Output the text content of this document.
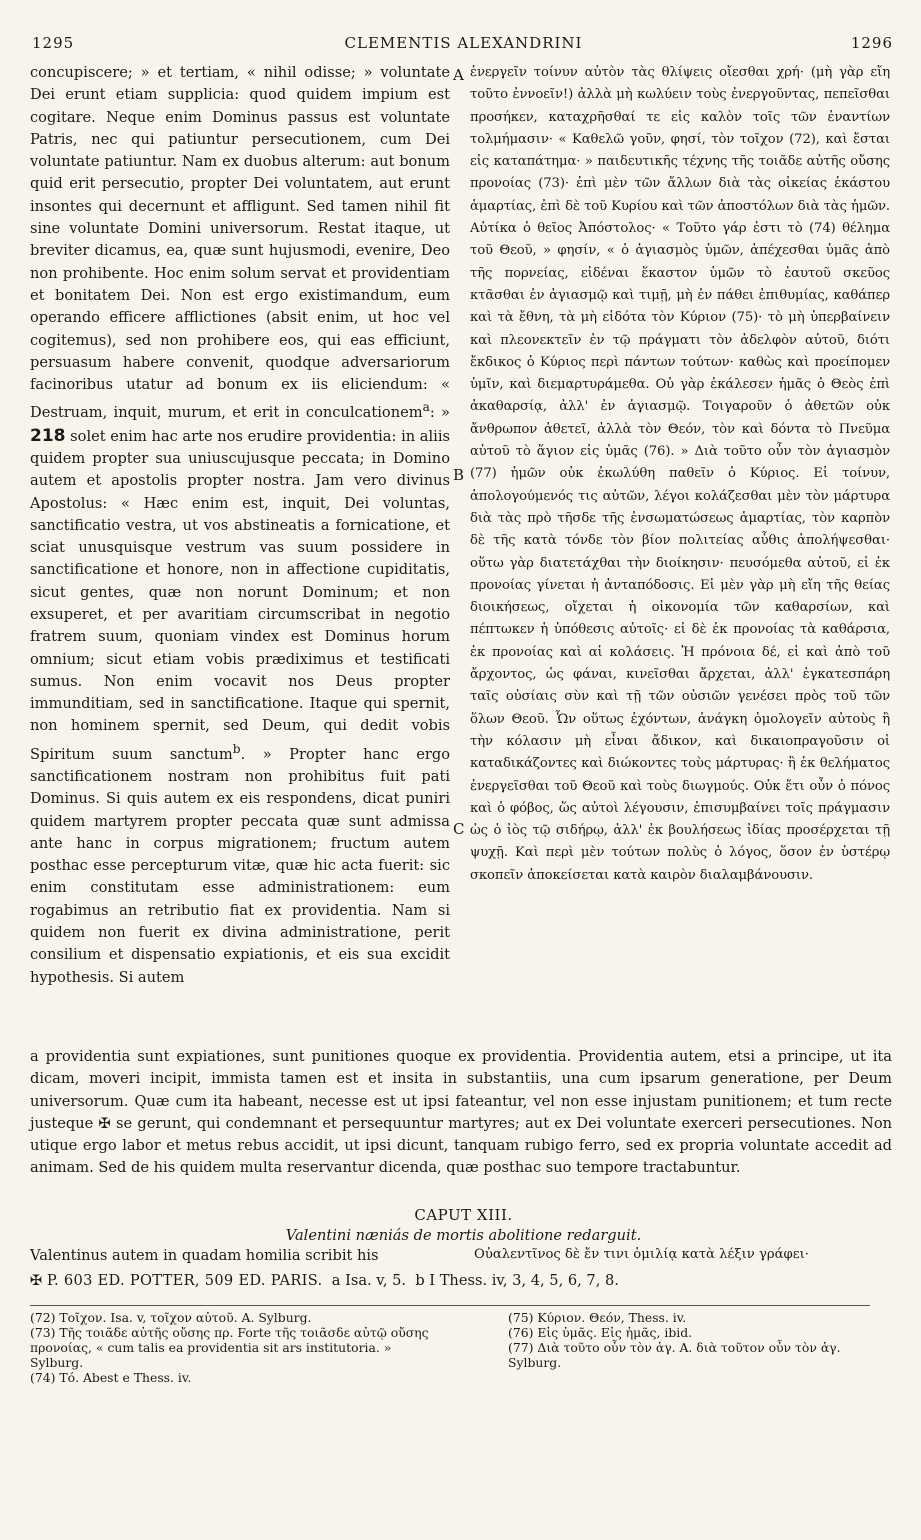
1295	CLEMENTIS ALEXANDRINI	1296

concupiscere; » et tertiam, « nihil odisse; » voluntate Dei erunt etiam supplicia: quod quidem impium est cogitare. Neque enim Dominus passus est voluntate Patris, nec qui patiuntur persecutionem, cum Dei voluntate patiuntur. Nam ex duobus alterum: aut bonum quid erit persecutio, propter Dei voluntatem, aut erunt insontes qui decernunt et affligunt. Sed tamen nihil fit sine voluntate Domini universorum. Restat itaque, ut breviter dicamus, ea, quæ sunt hujusmodi, evenire, Deo non prohibente. Hoc enim solum servat et providentiam et bonitatem Dei. Non est ergo existimandum, eum operando efficere afflictiones (absit enim, ut hoc vel cogitemus), sed non prohibere eos, qui eas efficiunt, persuasum habere convenit, quodque adversariorum facinoribus utatur ad bonum ex iis eliciendum: « Destruam, inquit, murum, et erit in conculcationem$^a$: » 218 solet enim hac arte nos erudire providentia: in aliis quidem propter sua uniuscujusque peccata; in Domino autem et apostolis propter nostra. Jam vero divinus Apostolus: « Hæc enim est, inquit, Dei voluntas, sanctificatio vestra, ut vos abstineatis a fornicatione, et sciat unusquisque vestrum vas suum possidere in sanctificatione et honore, non in affectione cupiditatis, sicut gentes, quæ non norunt Dominum; et non exsuperet, et per avaritiam circumscribat in negotio fratrem suum, quoniam vindex est Dominus horum omnium; sicut etiam vobis prædiximus et testificati sumus. Non enim vocavit nos Deus propter immunditiam, sed in sanctificatione. Itaque qui spernit, non hominem spernit, sed Deum, qui dedit vobis Spiritum suum sanctum$^b$. » Propter hanc ergo sanctificationem nostram non prohibitus fuit pati Dominus. Si quis autem ex eis respondens, dicat puniri quidem martyrem propter peccata quæ sunt admissa ante hanc in corpus migrationem; fructum autem posthac esse percepturum vitæ, quæ hic acta fuerit: sic enim constitutam esse administrationem: eum rogabimus an retributio fiat ex providentia. Nam si quidem non fuerit ex divina administratione, perit consilium et dispensatio expiationis, et eis sua excidit hypothesis. Si autem

A
B
C

ἐνεργεῖν τοίνυν αὐτὸν τὰς θλίψεις οἴεσθαι χρή· (μὴ γὰρ εἴη τοῦτο ἐννοεῖν!) ἀλλὰ μὴ κωλύειν τοὺς ἐνεργοῦντας, πεπεῖσθαι προσήκεν, καταχρῆσθαί τε εἰς καλὸν τοῖς τῶν ἐναντίων τολμήμασιν· « Καθελῶ γοῦν, φησί, τὸν τοῖχον (72), καὶ ἔσται εἰς καταπάτημα· » παιδευτικῆς τέχνης τῆς τοιᾶδε αὐτῆς οὔσης προνοίας (73)· ἐπὶ μὲν τῶν ἄλλων διὰ τὰς οἰκείας ἑκάστου ἁμαρτίας, ἐπὶ δὲ τοῦ Κυρίου καὶ τῶν ἀποστόλων διὰ τὰς ἡμῶν. Αὐτίκα ὁ θεῖος Ἀπόστολος· « Τοῦτο γάρ ἐστι τὸ (74) θέλημα τοῦ Θεοῦ, » φησίν, « ὁ ἁγιασμὸς ὑμῶν, ἀπέχεσθαι ὑμᾶς ἀπὸ τῆς πορνείας, εἰδέναι ἕκαστον ὑμῶν τὸ ἑαυτοῦ σκεῦος κτᾶσθαι ἐν ἁγιασμῷ καὶ τιμῇ, μὴ ἐν πάθει ἐπιθυμίας, καθάπερ καὶ τὰ ἔθνη, τὰ μὴ εἰδότα τὸν Κύριον (75)· τὸ μὴ ὑπερβαίνειν καὶ πλεονεκτεῖν ἐν τῷ πράγματι τὸν ἀδελφὸν αὐτοῦ, διότι ἔκδικος ὁ Κύριος περὶ πάντων τούτων· καθὼς καὶ προείπομεν ὑμῖν, καὶ διεμαρτυράμεθα. Οὐ γὰρ ἐκάλεσεν ἡμᾶς ὁ Θεὸς ἐπὶ ἀκαθαρσίᾳ, ἀλλ' ἐν ἁγιασμῷ. Τοιγαροῦν ὁ ἀθετῶν οὐκ ἄνθρωπον ἀθετεῖ, ἀλλὰ τὸν Θεόν, τὸν καὶ δόντα τὸ Πνεῦμα αὐτοῦ τὸ ἅγιον εἰς ὑμᾶς (76). » Διὰ τοῦτο οὖν τὸν ἁγιασμὸν (77) ἡμῶν οὐκ ἐκωλύθη παθεῖν ὁ Κύριος. Εἰ τοίνυν, ἀπολογούμενός τις αὐτῶν, λέγοι κολάζεσθαι μὲν τὸν μάρτυρα διὰ τὰς πρὸ τῆσδε τῆς ἐνσωματώσεως ἁμαρτίας, τὸν καρπὸν δὲ τῆς κατὰ τόνδε τὸν βίον πολιτείας αὖθις ἀπολήψεσθαι· οὕτω γὰρ διατετάχθαι τὴν διοίκησιν· πευσόμεθα αὐτοῦ, εἰ ἐκ προνοίας γίνεται ἡ ἀνταπόδοσις. Εἰ μὲν γὰρ μὴ εἴη τῆς θείας διοικήσεως, οἴχεται ἡ οἰκονομία τῶν καθαρσίων, καὶ πέπτωκεν ἡ ὑπόθεσις αὐτοῖς· εἰ δὲ ἐκ προνοίας τὰ καθάρσια, ἐκ προνοίας καὶ αἱ κολάσεις. Ἡ πρόνοια δέ, εἰ καὶ ἀπὸ τοῦ ἄρχοντος, ὡς φάναι, κινεῖσθαι ἄρχεται, ἀλλ' ἐγκατεσπάρη ταῖς οὐσίαις σὺν καὶ τῇ τῶν οὐσιῶν γενέσει πρὸς τοῦ τῶν ὅλων Θεοῦ. Ὧν οὕτως ἐχόντων, ἀνάγκη ὁμολογεῖν αὐτοὺς ἢ τὴν κόλασιν μὴ εἶναι ἄδικον, καὶ δικαιοπραγοῦσιν οἱ καταδικάζοντες καὶ διώκοντες τοὺς μάρτυρας· ἢ ἐκ θελήματος ἐνεργεῖσθαι τοῦ Θεοῦ καὶ τοὺς διωγμούς. Οὐκ ἔτι οὖν ὁ πόνος καὶ ὁ φόβος, ὥς αὐτοὶ λέγουσιν, ἐπισυμβαίνει τοῖς πράγμασιν ὡς ὁ ἰὸς τῷ σιδήρῳ, ἀλλ' ἐκ βουλήσεως ἰδίας προσέρχεται τῇ ψυχῇ. Καὶ περὶ μὲν τούτων πολὺς ὁ λόγος, ὅσον ἐν ὑστέρῳ σκοπεῖν ἀποκείσεται κατὰ καιρὸν διαλαμβάνουσιν.

a providentia sunt expiationes, sunt punitiones quoque ex providentia. Providentia autem, etsi a principe, ut ita dicam, moveri incipit, immista tamen est et insita in substantiis, una cum ipsarum generatione, per Deum universorum. Quæ cum ita habeant, necesse est ut ipsi fateantur, vel non esse injustam punitionem; et tum recte justeque ✠ se gerunt, qui condemnant et persequuntur martyres; aut ex Dei voluntate exerceri persecutiones. Non utique ergo labor et metus rebus accidit, ut ipsi dicunt, tanquam rubigo ferro, sed ex propria voluntate accedit ad animam. Sed de his quidem multa reservantur dicenda, quæ posthac suo tempore tractabuntur.

CAPUT XIII.
Valentini næniás de mortis abolitione redarguit.
Valentinus autem in quadam homilia scribit his	Οὐαλεντῖνος δὲ ἔν τινι ὁμιλίᾳ κατὰ λέξιν γράφει·
✠ P. 603 ED. POTTER, 509 ED. PARIS. a Isa. v, 5. b I Thess. iv, 3, 4, 5, 6, 7, 8.

(72) Τοῖχον. Isa. v, τοῖχον αὐτοῦ. A. Sylburg.

(73) Τῆς τοιᾶδε αὐτῆς οὔσης πρ. Forte τῆς τοιᾶσδε αὐτῷ οὔσης προνοίας, « cum talis ea providentia sit ars institutoria. » Sylburg.

(74) Τό. Abest e Thess. iv.

(75) Κύριον. Θεόν, Thess. iv.

(76) Εἰς ὑμᾶς. Εἰς ἡμᾶς, ibid.

(77) Διὰ τοῦτο οὖν τὸν ἁγ. A. διὰ τοῦτον οὖν τὸν ἁγ. Sylburg.
